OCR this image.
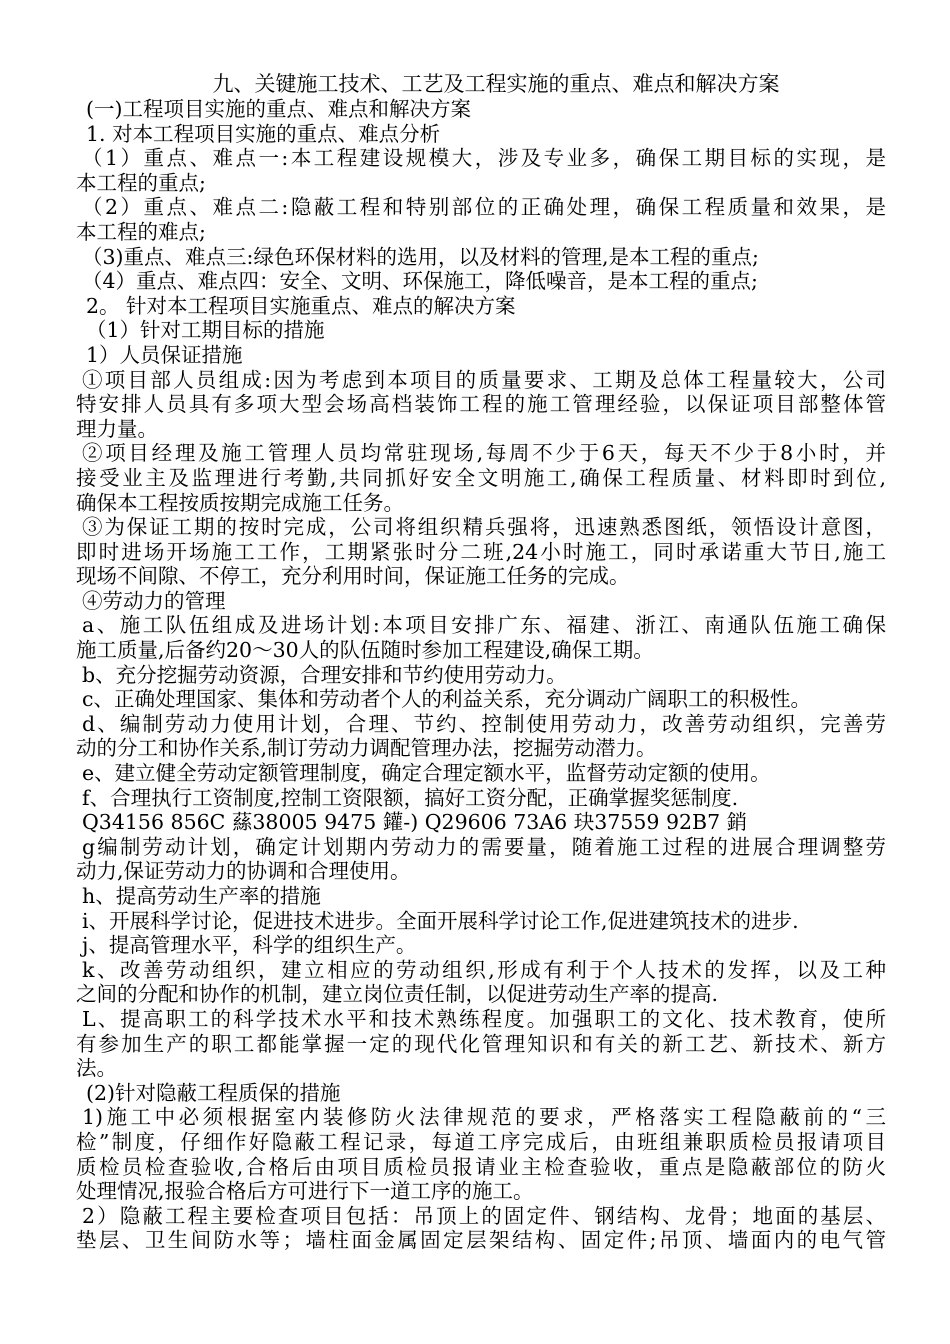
九、关键施工技术、工艺及工程实施的重点、难点和解决方案
(一)工程项目实施的重点、难点和解决方案
1. 对本工程项目实施的重点、难点分析
（1）重点、难点一:本工程建设规模大，涉及专业多，确保工期目标的实现，是
本工程的重点;
（2）重点、难点二:隐蔽工程和特别部位的正确处理，确保工程质量和效果，是
本工程的难点;
（3)重点、难点三:绿色环保材料的选用，以及材料的管理,是本工程的重点;
（4）重点、难点四：安全、文明、环保施工，降低噪音，是本工程的重点;
2。 针对本工程项目实施重点、难点的解决方案
（1）针对工期目标的措施
1）人员保证措施
①项目部人员组成:因为考虑到本项目的质量要求、工期及总体工程量较大，公司
特安排人员具有多项大型会场高档装饰工程的施工管理经验，以保证项目部整体管
理力量。
②项目经理及施工管理人员均常驻现场,每周不少于6天，每天不少于8小时，并
接受业主及监理进行考勤,共同抓好安全文明施工,确保工程质量、材料即时到位,
确保本工程按质按期完成施工任务。
③为保证工期的按时完成，公司将组织精兵强将，迅速熟悉图纸，领悟设计意图，
即时进场开场施工工作，工期紧张时分二班,24小时施工，同时承诺重大节日,施工
现场不间隙、不停工，充分利用时间，保证施工任务的完成。
④劳动力的管理
a、施工队伍组成及进场计划:本项目安排广东、福建、浙江、南通队伍施工确保
施工质量,后备约20～30人的队伍随时参加工程建设,确保工期。
b、充分挖掘劳动资源，合理安排和节约使用劳动力。
c、正确处理国家、集体和劳动者个人的利益关系，充分调动广阔职工的积极性。
d、编制劳动力使用计划，合理、节约、控制使用劳动力，改善劳动组织，完善劳
动的分工和协作关系,制订劳动力调配管理办法，挖掘劳动潜力。
e、建立健全劳动定额管理制度，确定合理定额水平，监督劳动定额的使用。
f、合理执行工资制度,控制工资限额，搞好工资分配，正确掌握奖惩制度.
Q34156 856C 蕬38005 9475 鑵-) Q29606 73A6 玦37559 92B7 銷
g编制劳动计划，确定计划期内劳动力的需要量，随着施工过程的进展合理调整劳
动力,保证劳动力的协调和合理使用。
h、提高劳动生产率的措施
i、开展科学讨论，促进技术进步。全面开展科学讨论工作,促进建筑技术的进步.
j、提高管理水平，科学的组织生产。
k、改善劳动组织，建立相应的劳动组织,形成有利于个人技术的发挥，以及工种
之间的分配和协作的机制，建立岗位责任制，以促进劳动生产率的提高.
L、提高职工的科学技术水平和技术熟练程度。加强职工的文化、技术教育，使所
有参加生产的职工都能掌握一定的现代化管理知识和有关的新工艺、新技术、新方
法。
(2)针对隐蔽工程质保的措施
1)施工中必须根据室内装修防火法律规范的要求，严格落实工程隐蔽前的“三
检”制度，仔细作好隐蔽工程记录，每道工序完成后，由班组兼职质检员报请项目
质检员检查验收,合格后由项目质检员报请业主检查验收，重点是隐蔽部位的防火
处理情况,报验合格后方可进行下一道工序的施工。
2）隐蔽工程主要检查项目包括：吊顶上的固定件、钢结构、龙骨；地面的基层、
垫层、卫生间防水等；墙柱面金属固定层架结构、固定件;吊顶、墙面内的电气管
